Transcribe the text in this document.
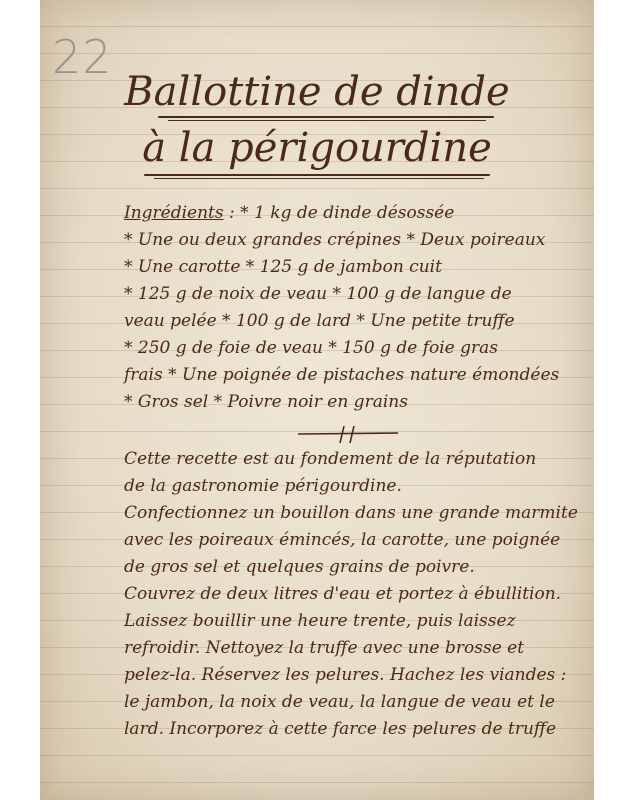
22
Ballottine de dinde
à la périgourdine
Ingrédients : * 1 kg de dinde désossée
* Une ou deux grandes crépines * Deux poireaux
* Une carotte * 125 g de jambon cuit
* 125 g de noix de veau * 100 g de langue de
veau pelée * 100 g de lard * Une petite truffe
* 250 g de foie de veau * 150 g de foie gras
frais * Une poignée de pistaches nature émondées
* Gros sel * Poivre noir en grains
Cette recette est au fondement de la réputation
de la gastronomie périgourdine.
Confectionnez un bouillon dans une grande marmite
avec les poireaux émincés, la carotte, une poignée
de gros sel et quelques grains de poivre.
Couvrez de deux litres d'eau et portez à ébullition.
Laissez bouillir une heure trente, puis laissez
refroidir. Nettoyez la truffe avec une brosse et
pelez-la. Réservez les pelures. Hachez les viandes :
le jambon, la noix de veau, la langue de veau et le
lard. Incorporez à cette farce les pelures de truffe
